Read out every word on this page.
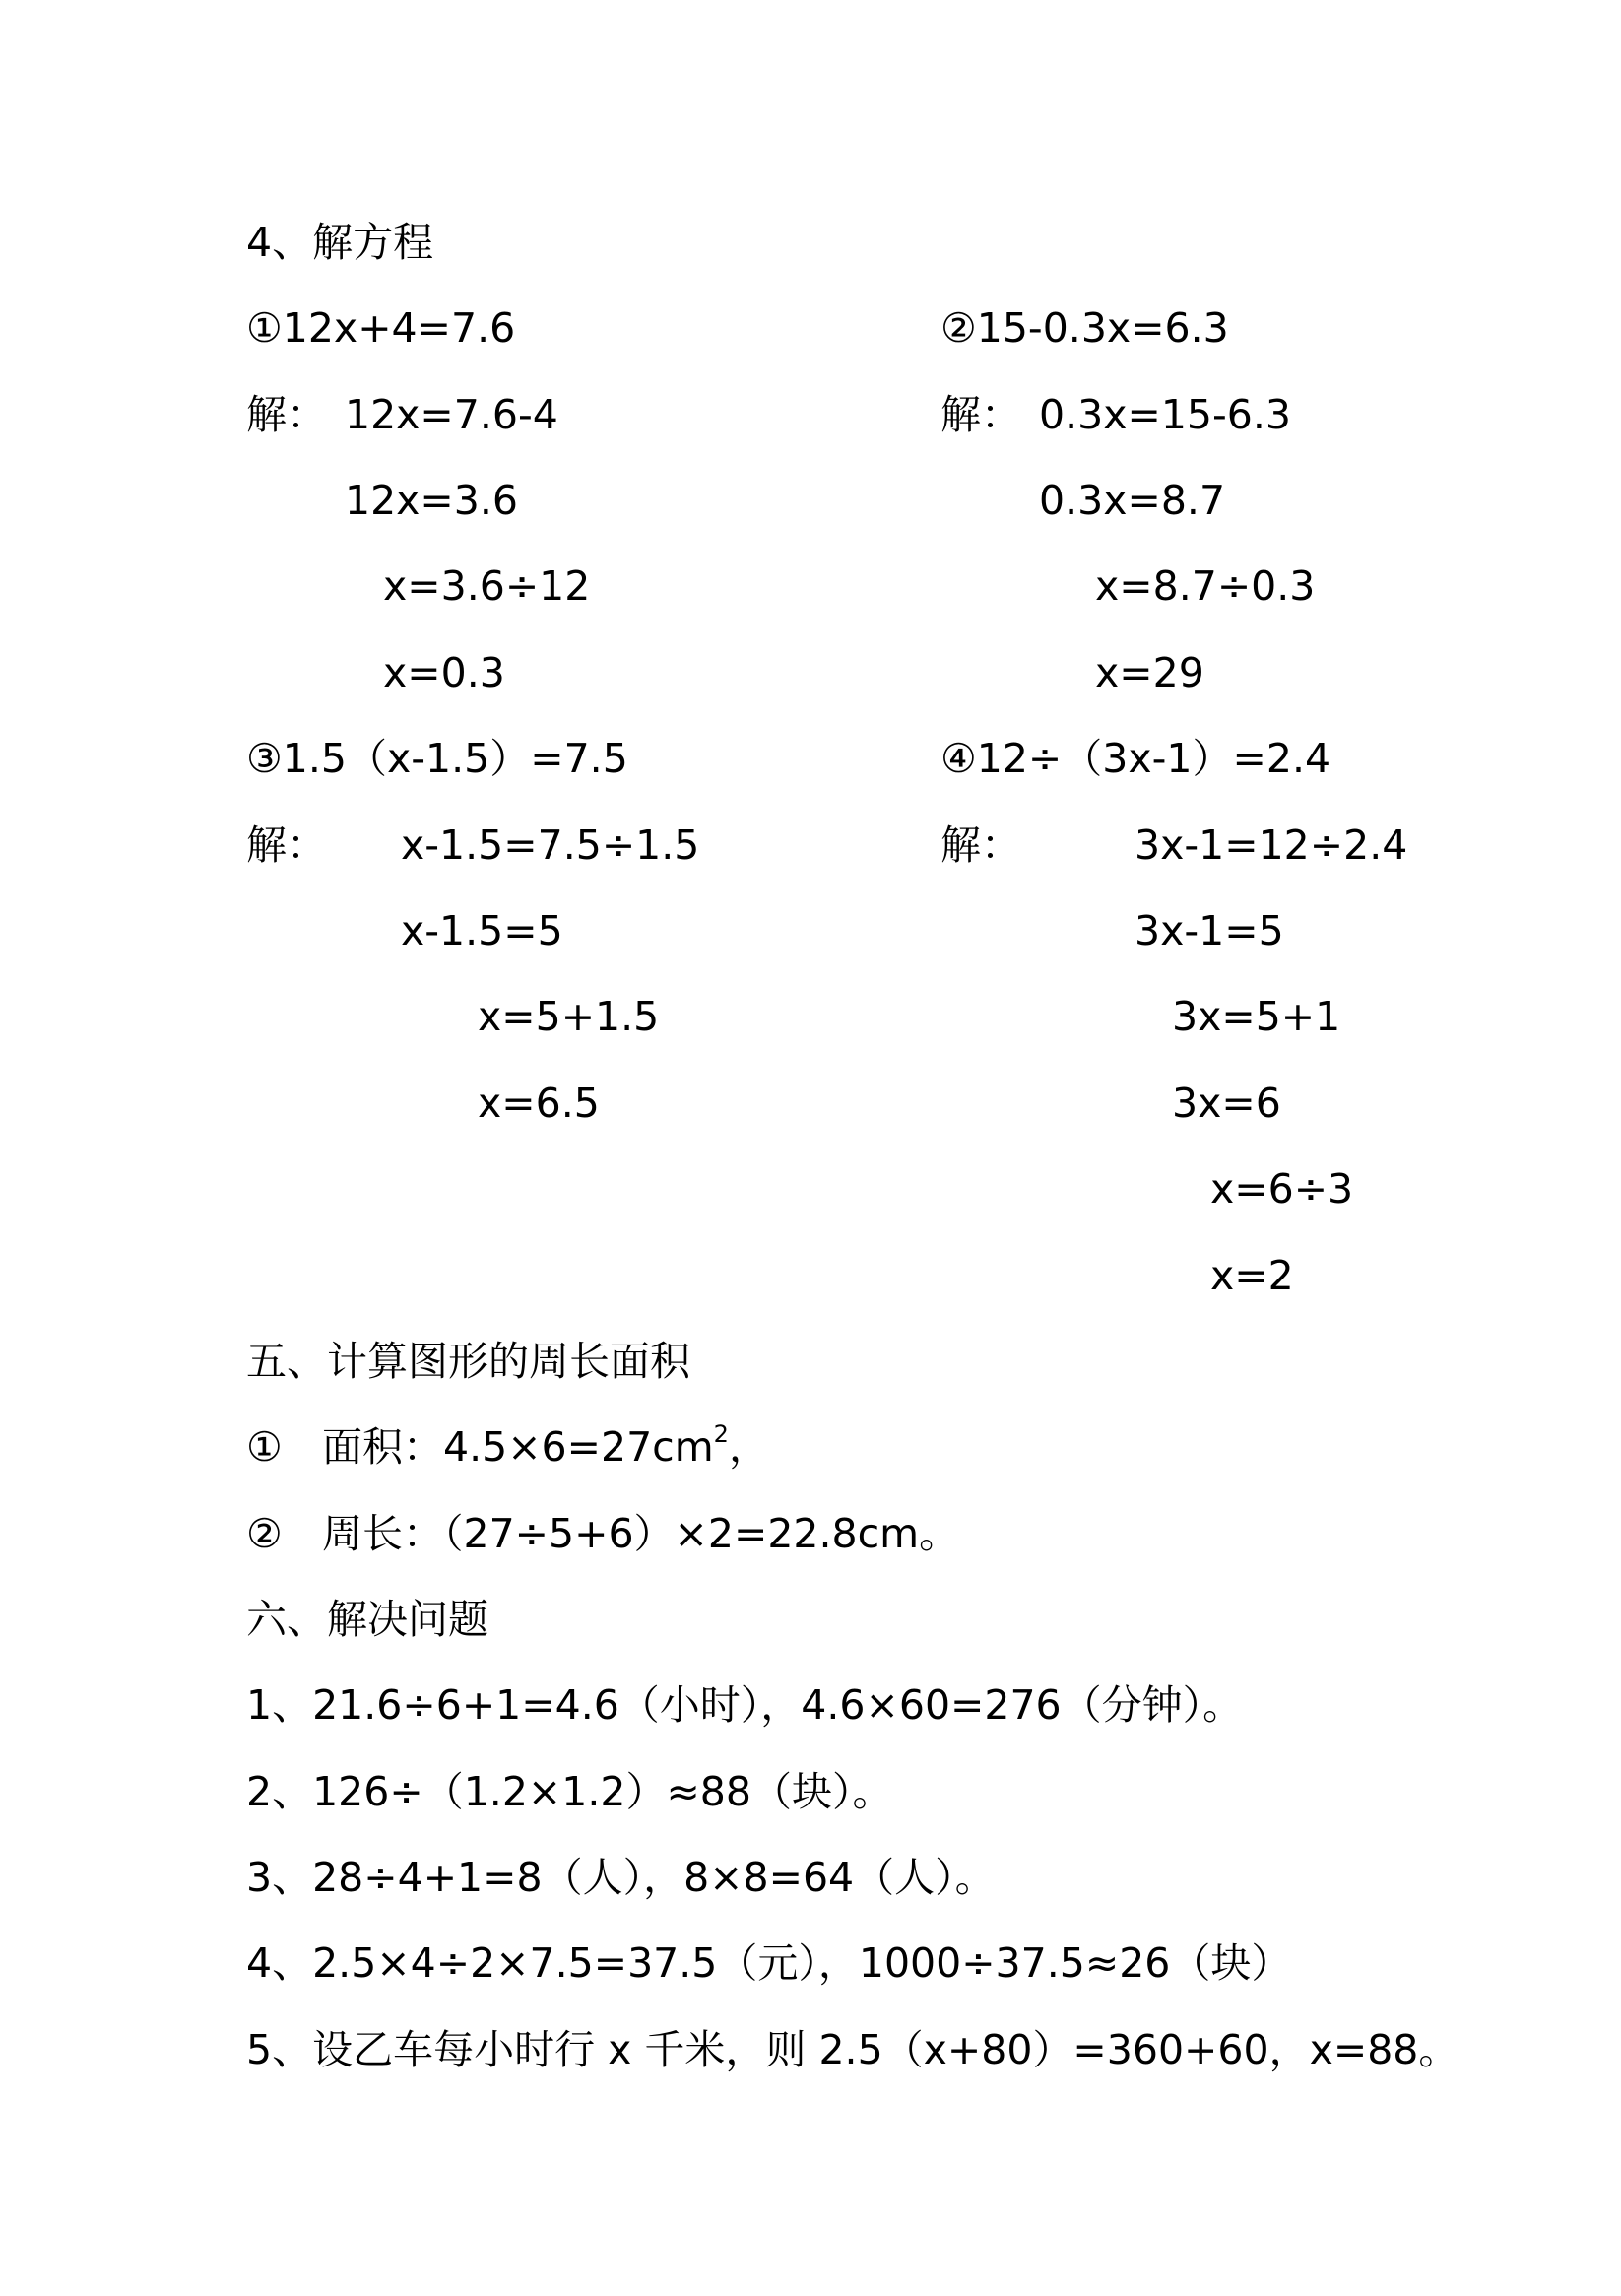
4、解方程
①12x+4=7.6
解： 12x=7.6-4
12x=3.6
x=3.6÷12
x=0.3
②15-0.3x=6.3
解： 0.3x=15-6.3
0.3x=8.7
x=8.7÷0.3
x=29
③1.5（x-1.5）=7.5
解： x-1.5=7.5÷1.5
x-1.5=5
x=5+1.5
x=6.5
④12÷（3x-1）=2.4
解：	3x-1=12÷2.4
3x-1=5
3x=5+1
3x=6
x=6÷3
x=2
五、计算图形的周长面积
① 面积：$4.5\times 6=27cm^2$，
② 周长：（27÷5+6）×2=22.8cm。
六、解决问题
1、21.6÷6+1=4.6（小时），4.6×60=276（分钟）。
2、126÷（1.2×1.2）≈88（块）。
3、28÷4+1=8（人），8×8=64（人）。
4、2.5×4÷2×7.5=37.5（元），1000÷37.5≈26（块）
5、设乙车每小时行 x 千米，则 2.5（x+80）=360+60，x=88。
